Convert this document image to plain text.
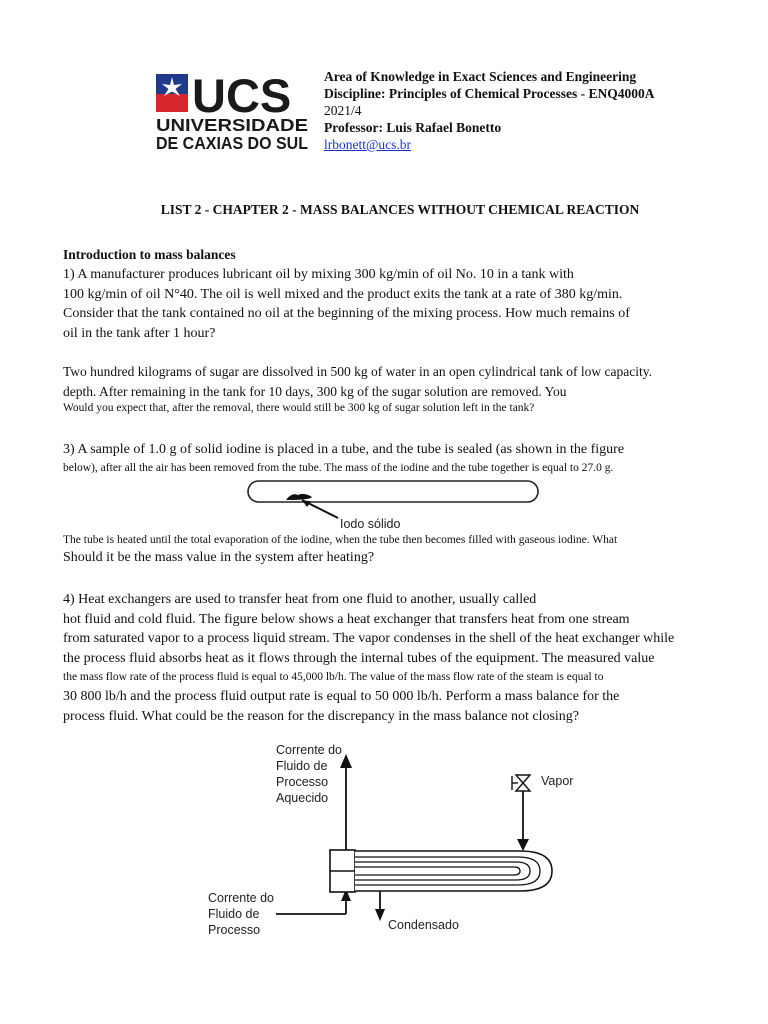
UCS
UNIVERSIDADE
DE CAXIAS DO SUL
Area of Knowledge in Exact Sciences and Engineering
Discipline: Principles of Chemical Processes - ENQ4000A
2021/4
Professor: Luis Rafael Bonetto
lrbonett@ucs.br
LIST 2 - CHAPTER 2 - MASS BALANCES WITHOUT CHEMICAL REACTION
Introduction to mass balances
1) A manufacturer produces lubricant oil by mixing 300 kg/min of oil No. 10 in a tank with
100 kg/min of oil N°40. The oil is well mixed and the product exits the tank at a rate of 380 kg/min.
Consider that the tank contained no oil at the beginning of the mixing process. How much remains of
oil in the tank after 1 hour?
Two hundred kilograms of sugar are dissolved in 500 kg of water in an open cylindrical tank of low capacity.
depth. After remaining in the tank for 10 days, 300 kg of the sugar solution are removed. You
Would you expect that, after the removal, there would still be 300 kg of sugar solution left in the tank?
3) A sample of 1.0 g of solid iodine is placed in a tube, and the tube is sealed (as shown in the figure
below), after all the air has been removed from the tube. The mass of the iodine and the tube together is equal to 27.0 g.
Iodo sólido
The tube is heated until the total evaporation of the iodine, when the tube then becomes filled with gaseous iodine. What
Should it be the mass value in the system after heating?
4) Heat exchangers are used to transfer heat from one fluid to another, usually called
hot fluid and cold fluid. The figure below shows a heat exchanger that transfers heat from one stream
from saturated vapor to a process liquid stream. The vapor condenses in the shell of the heat exchanger while
the process fluid absorbs heat as it flows through the internal tubes of the equipment. The measured value
the mass flow rate of the process fluid is equal to 45,000 lb/h. The value of the mass flow rate of the steam is equal to
30 800 lb/h and the process fluid output rate is equal to 50 000 lb/h. Perform a mass balance for the
process fluid. What could be the reason for the discrepancy in the mass balance not closing?
Corrente do
Fluido de
Processo
Aquecido
Corrente do
Fluido de
Processo
Vapor
Condensado
